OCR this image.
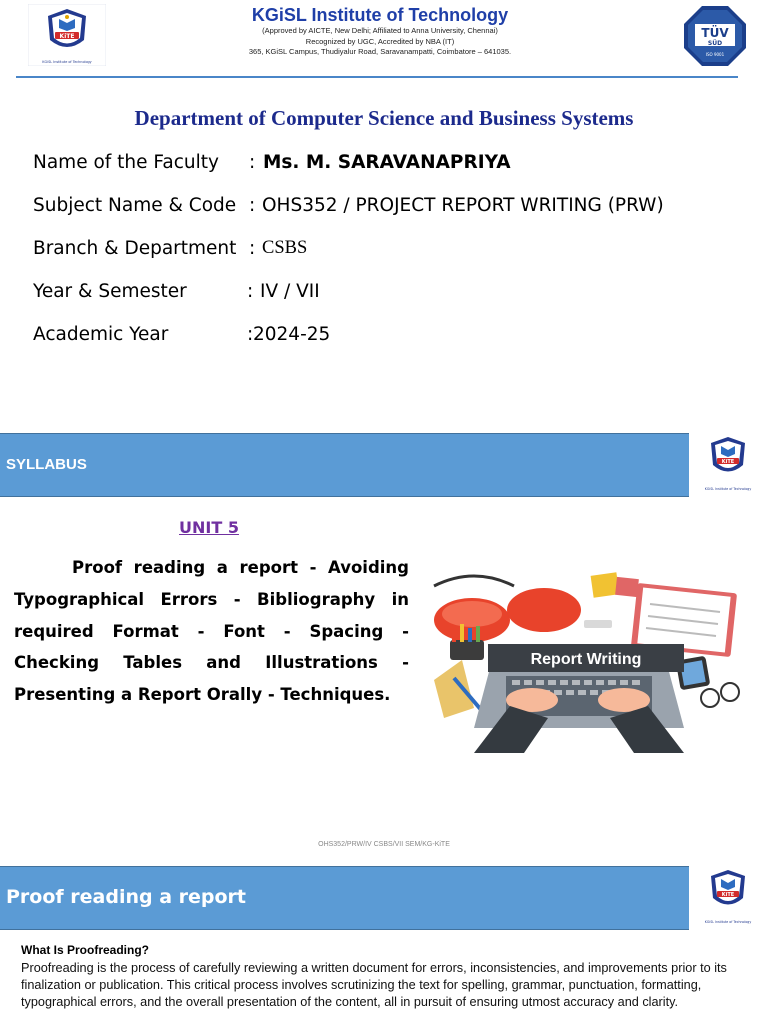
KiTE
KGiSL Institute of Technology
KGiSL Institute of Technology
(Approved by AICTE, New Delhi; Affiliated to Anna University, Chennai)
Recognized by UGC, Accredited by NBA (IT)
365, KGiSL Campus, Thudiyalur Road, Saravanampatti, Coimbatore – 641035.
TÜV
SÜD
ISO 9001
Department of Computer Science and Business Systems
Name of the Faculty : Ms. M. SARAVANAPRIYA
Subject Name & Code : OHS352 / PROJECT REPORT WRITING (PRW)
Branch & Department : CSBS
Year & Semester	: IV / VII
Academic Year	: 2024-25
SYLLABUS	KiTE
KGiSL Institute of Technology
UNIT 5
Proof reading a report - Avoiding Typographical Errors - Bibliography in required Format - Font - Spacing - Checking Tables and Illustrations - Presenting a Report Orally - Techniques.
Report Writing
OHS352/PRW/IV CSBS/VII SEM/KG-KiTE
Proof reading a report	KiTE
KGiSL Institute of Technology
What Is Proofreading?
Proofreading is the process of carefully reviewing a written document for errors, inconsistencies, and improvements prior to its finalization or publication. This critical process involves scrutinizing the text for spelling, grammar, punctuation, formatting, typographical errors, and the overall presentation of the content, all in pursuit of ensuring utmost accuracy and clarity.
